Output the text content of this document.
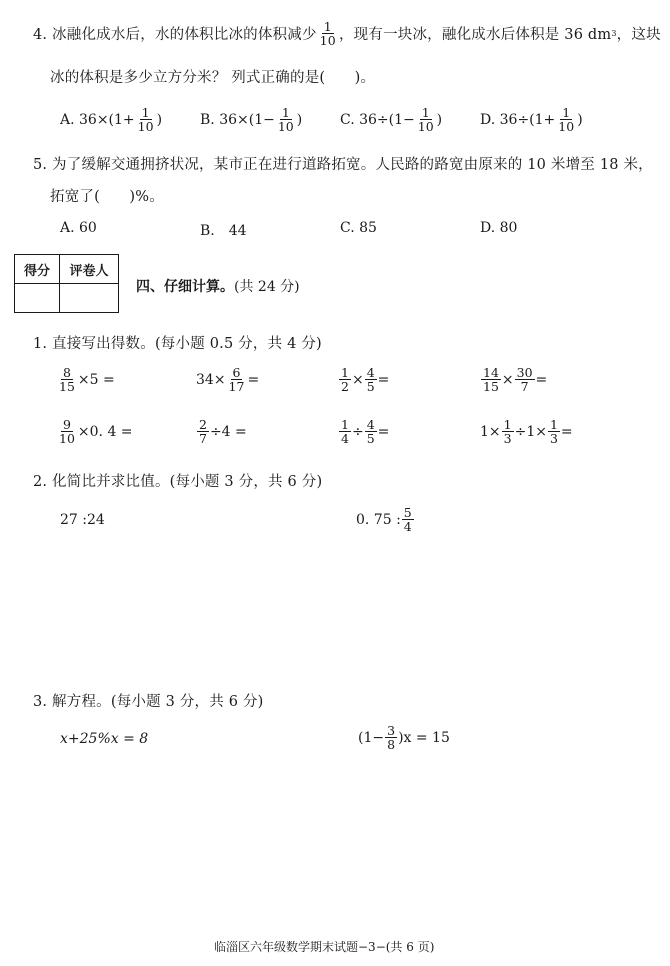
4. 冰融化成水后，水的体积比冰的体积减少 $\frac{1}{10}$ ，现有一块冰，融化成水后体积是 36 dm 3 ，这块
冰的体积是多少立方分米？ 列式正确的是(　　)。
A. $36\times(1+ \frac{1}{10}$ )	B. $36\times(1- \frac{1}{10}$ )	C. $36\div(1- \frac{1}{10}$ )	D. $36\div(1+ \frac{1}{10}$ )
5. 为了缓解交通拥挤状况，某市正在进行道路拓宽。人民路的路宽由原来的 10 米增至 18 米，
拓宽了(　　)%。
A. 60	B.　44	C. 85	D. 80
得分	评卷人

四、仔细计算。(共 24 分)
1. 直接写出得数。(每小题 0.5 分，共 4 分)
$\frac{8}{15} \times 5$ =	$34\times \frac{6}{17}$ =	$\frac{1}{2} \times \frac{4}{5}$ =	$\frac{14}{15} \times \frac{30}{7}$ =
$\frac{9}{10} \times 0$. 4 =	$\frac{2}{7} \div 4$ =	$\frac{1}{4} \div \frac{4}{5}$ =	$1\times \frac{1}{3} \div 1\times \frac{1}{3}$ =
2. 化简比并求比值。(每小题 3 分，共 6 分)
27 :24	0. 75 : $\frac{5}{4}$
3. 解方程。(每小题 3 分，共 6 分)
x+25%x = 8	$(1- \frac{3}{8} )x = 15$
临淄区六年级数学期末试题−3−(共 6 页)
